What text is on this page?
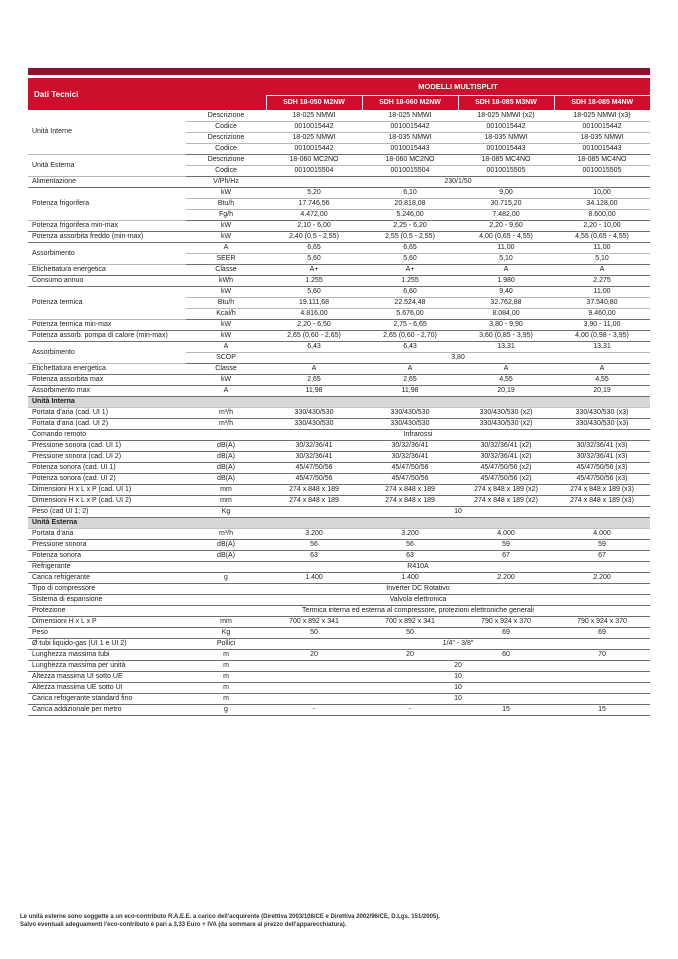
Dati Tecnici		MODELLI MULTISPLIT			
		SDH 18-050 M2NW	SDH 18-060 M2NW	SDH 18-085 M3NW	SDH 18-085 M4NW
Unità Interne	Descrizione	18-025 NMWI	18-025 NMWI	18-025 NMWI (x2)	18-025 NMWI (x3)
	Codice	0010015442	0010015442	0010015442	0010015442
	Descrizione	18-025 NMWI	18-035 NMWI	18-035 NMWI	18-035 NMWI
	Codice	0010015442	0010015443	0010015443	0010015443
Unità Esterna	Descrizione	18-060 MC2NO	18-060 MC2NO	18-085 MC4NO	18-085 MC4NO
	Codice	0010015504	0010015504	0010015505	0010015505
Alimentazione	V/Ph/Hz	230/1/50			
Potenza frigorifera	kW	5,20	6,10	9,00	10,00
	Btu/h	17.746,56	20.818,08	30.715,20	34.128,00
	Fg/h	4.472,00	5.246,00	7.482,00	8.600,00
Potenza frigorifera min-max	kW	2,10 - 6,00	2,25 - 6,20	2,20 - 9,60	2,20 - 10,00
Potenza assorbita freddo (min-max)	kW	2,40 (0,5 - 2,55)	2,55 (0,5 - 2,55)	4,00 (0,65 - 4,55)	4,55 (0,65 - 4,55)
Assorbimento	A	6,65	6,65	11,00	11,00
	SEER	5,60	5,60	5,10	5,10
Etichettatura energetica	Classe	A+	A+	A	A
Consumo annuo	kWh	1.255	1.255	1.980	2.275
Potenza termica	kW	5,60	6,60	9,40	11,00
	Btu/h	19.111,68	22.524,48	32.762,88	37.540,80
	Kcal/h	4.816,00	5.676,00	8.084,00	9.460,00
Potenza termica min-max	kW	2,20 - 6,50	2,75 - 6,65	3,80 - 9,90	3,90 - 11,00
Potenza assorb. pompa di calore (min-max)	kW	2,65 (0,60 - 2,65)	2,65 (0,60 - 2,70)	3,60 (0,85 - 3,95)	4,00 (0,98 - 3,95)
Assorbimento	A	6,43	6,43	13,31	13,31
	SCOP	3,80			
Etichettatura energetica	Classe	A	A	A	A
Potenza assorbita max	kW	2,65	2,65	4,55	4,55
Assorbimento max	A	11,98	11,98	20,19	20,19
Unità Interna					
Portata d'aria (cad. UI 1)	m³/h	330/430/530	330/430/530	330/430/530 (x2)	330/430/530 (x3)
Portata d'aria (cad. UI 2)	m³/h	330/430/530	330/430/530	330/430/530 (x2)	330/430/530 (x3)
Comando remoto	Infrarossi				
Pressione sonora (cad. UI 1)	dB(A)	30/32/36/41	30/32/36/41	30/32/36/41 (x2)	30/32/36/41 (x3)
Pressione sonora (cad. UI 2)	dB(A)	30/32/36/41	30/32/36/41	30/32/36/41 (x2)	30/32/36/41 (x3)
Potenza sonora (cad. UI 1)	dB(A)	45/47/50/56	45/47/50/56	45/47/50/56 (x2)	45/47/50/56 (x3)
Potenza sonora (cad. UI 2)	dB(A)	45/47/50/56	45/47/50/56	45/47/50/56 (x2)	45/47/50/56 (x3)
Dimensioni H x L x P (cad. UI 1)	mm	274 x 848 x 189	274 x 848 x 189	274 x 848 x 189 (x2)	274 x 848 x 189 (x3)
Dimensioni H x L x P (cad. UI 2)	mm	274 x 848 x 189	274 x 848 x 189	274 x 848 x 189 (x2)	274 x 848 x 189 (x3)
Peso (cad UI 1; 2)	Kg	10			
Unità Esterna					
Portata d'aria	m³/h	3.200	3.200	4.000	4.000
Pressione sonora	dB(A)	56	56	59	59
Potenza sonora	dB(A)	63	63	67	67
Refrigerante	R410A				
Carica refrigerante	g	1.400	1.400	2.200	2.200
Tipo di compressore	Inverter DC Rotativo				
Sistema di espansione	Valvola elettronica				
Protezione	Termica interna ed esterna al compressore, protezioni elettroniche generali				
Dimensioni H x L x P	mm	700 x 892 x 341	700 x 892 x 341	790 x 924 x 370	790 x 924 x 370
Peso	Kg	50	50	69	69
Ø tubi liquido-gas (UI 1 e UI 2)	Pollici	1/4" - 3/8"			
Lunghezza massima tubi	m	20	20	60	70
Lunghezza massima per unità	m	20			
Altezza massima UI sotto UE	m	10			
Altezza massima UE sotto UI	m	10			
Carica refrigerante standard fino	m	10			
Carica addizionale per metro	g	-	-	15	15
Le unità esterne sono soggette a un eco-contributo R.A.E.E. a carico dell'acquirente (Direttiva 2003/108/CE e Direttiva 2002/96/CE, D.Lgs. 151/2005).
Salvo eventuali adeguamenti l'eco-contributo è pari a 3,33 Euro + IVA (da sommare al prezzo dell'apparecchiatura).
